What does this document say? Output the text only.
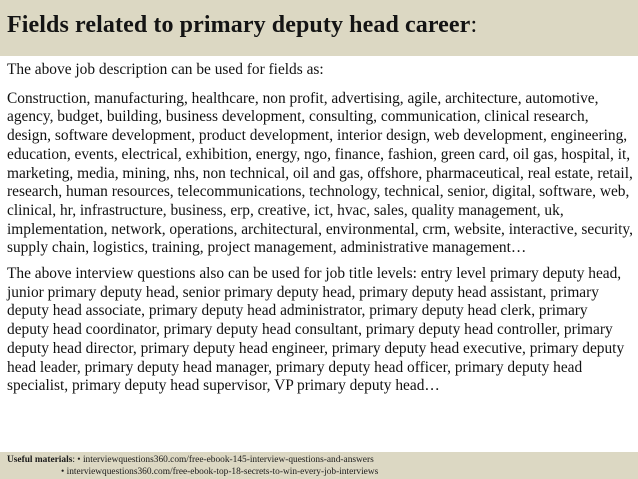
Fields related to primary deputy head career:

The above job description can be used for fields as:

Construction, manufacturing, healthcare, non profit, advertising, agile, architecture, automotive, agency, budget, building, business development, consulting, communication, clinical research, design, software development, product development, interior design, web development, engineering, education, events, electrical, exhibition, energy, ngo, finance, fashion, green card, oil gas, hospital, it, marketing, media, mining, nhs, non technical, oil and gas, offshore, pharmaceutical, real estate, retail, research, human resources, telecommunications, technology, technical, senior, digital, software, web, clinical, hr, infrastructure, business, erp, creative, ict, hvac, sales, quality management, uk, implementation, network, operations, architectural, environmental, crm, website, interactive, security, supply chain, logistics, training, project management, administrative management…

The above interview questions also can be used for job title levels: entry level primary deputy head, junior primary deputy head, senior primary deputy head, primary deputy head assistant, primary deputy head associate, primary deputy head administrator, primary deputy head clerk, primary deputy head coordinator, primary deputy head consultant, primary deputy head controller, primary deputy head director, primary deputy head engineer, primary deputy head executive, primary deputy head leader, primary deputy head manager, primary deputy head officer, primary deputy head specialist, primary deputy head supervisor, VP primary deputy head…

Useful materials: • interviewquestions360.com/free-ebook-145-interview-questions-and-answers
• interviewquestions360.com/free-ebook-top-18-secrets-to-win-every-job-interviews
